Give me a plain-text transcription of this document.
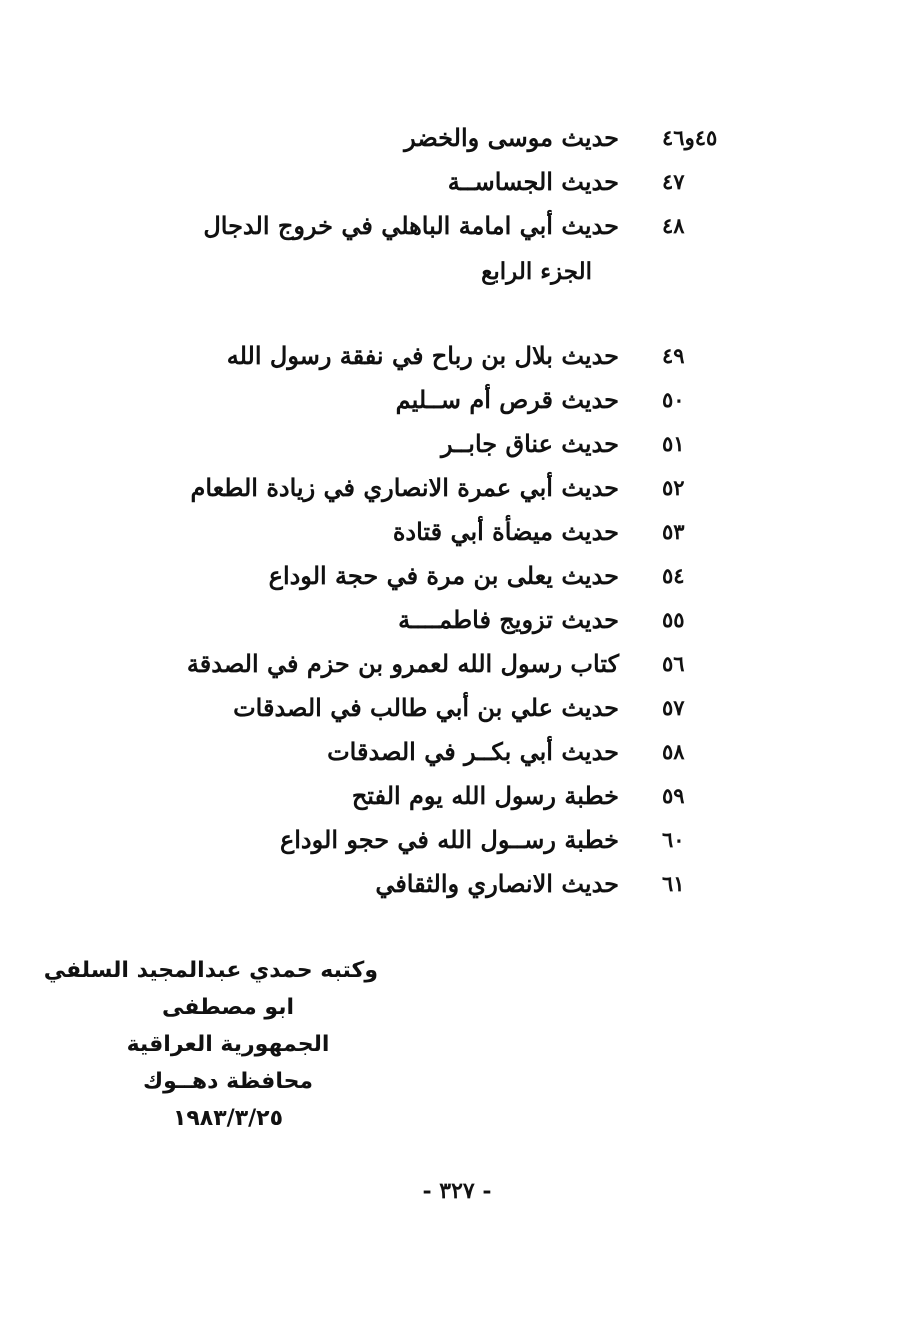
٤٥و٤٦
حديث موسى والخضر
٤٧
حديث الجساســة
٤٨
حديث أبي امامة الباهلي في خروج الدجال
الجزء الرابع
٤٩
حديث بلال بن رباح في نفقة رسول الله
٥٠
حديث قرص أم ســليم
٥١
حديث عناق جابــر
٥٢
حديث أبي عمرة الانصاري في زيادة الطعام
٥٣
حديث ميضأة أبي قتادة
٥٤
حديث يعلى بن مرة في حجة الوداع
٥٥
حديث تزويج فاطمــــة
٥٦
كتاب رسول الله لعمرو بن حزم في الصدقة
٥٧
حديث علي بن أبي طالب في الصدقات
٥٨
حديث أبي بكــر في الصدقات
٥٩
خطبة رسول الله يوم الفتح
٦٠
خطبة رســول الله في حجو الوداع
٦١
حديث الانصاري والثقافي
وكتبه حمدي عبدالمجيد السلفي
ابو مصطفى
الجمهورية العراقية
محافظة دهــوك
١٩٨٣/٣/٢٥
- ٣٢٧ -
